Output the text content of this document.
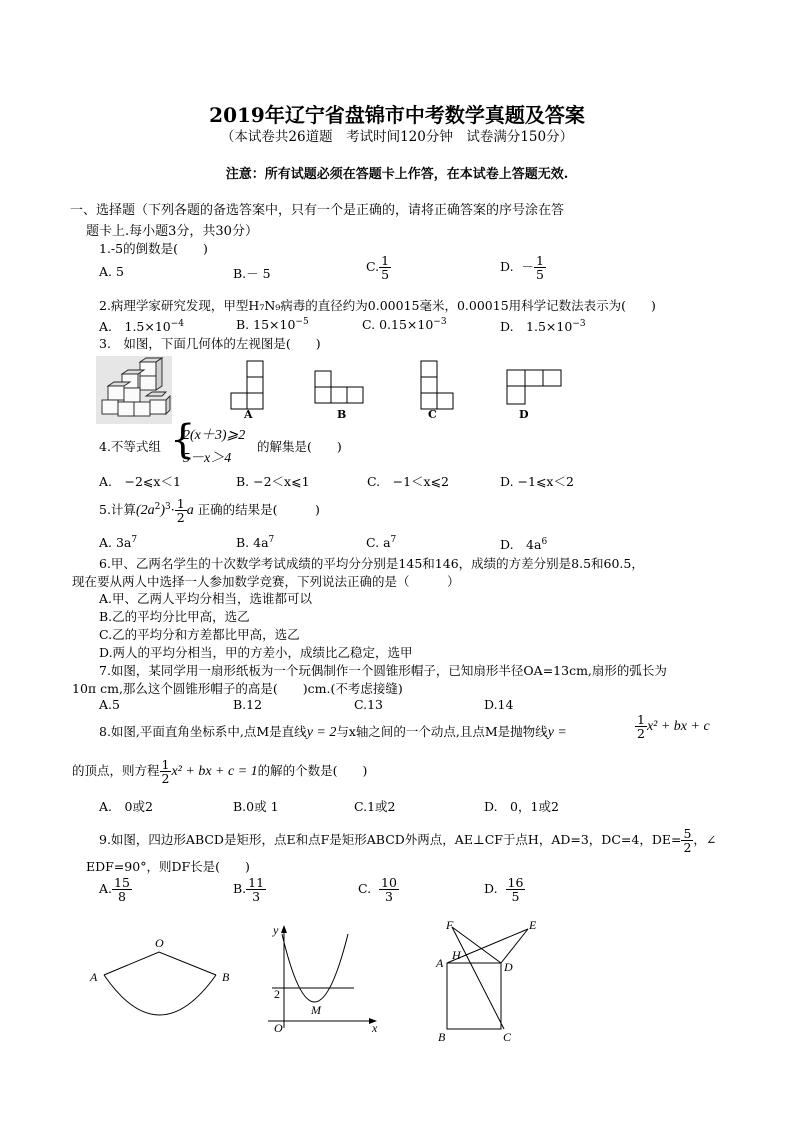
2019年辽宁省盘锦市中考数学真题及答案
（本试卷共26道题　考试时间120分钟　试卷满分150分）
注意：所有试题必须在答题卡上作答，在本试卷上答题无效.
一、选择题（下列各题的备选答案中，只有一个是正确的，请将正确答案的序号涂在答
题卡上.每小题3分，共30分）
1.-5的倒数是(　　)
A. 5	B.－ 5	C. $\frac{1}{5}$	D. － $\frac{1}{5}$
2.病理学家研究发现，甲型H₇N₉病毒的直径约为0.00015毫米，0.00015用科学记数法表示为(　　)
A.　$1.5\times 10^{-4}$	B. $15\times 10^{-5}$	C. $0.15\times 10^{-3}$	D.　$1.5\times 10^{-3}$
3.　如图，下面几何体的左视图是(　　)
A	B	C	D
4.不等式组 {
2(x＋3)⩾2
5－x＞4
的解集是(　　)
A.　−2⩽x＜1	B. −2＜x⩽1	C.　−1＜x⩽2	D. −1⩽x＜2
5.计算$(2a^2)^3\cdot \frac{1}{2}$ a 正确的结果是(　　　)
A. $3a^7$	B. $4a^7$	C. $a^7$	D.　$4a^6$
6.甲、乙两名学生的十次数学考试成绩的平均分分别是145和146，成绩的方差分别是8.5和60.5，
现在要从两人中选择一人参加数学竞赛，下列说法正确的是（　　　）
A.甲、乙两人平均分相当，选谁都可以
B.乙的平均分比甲高，选乙
C.乙的平均分和方差都比甲高，选乙
D.两人的平均分相当，甲的方差小，成绩比乙稳定，选甲
7.如图，某同学用一扇形纸板为一个玩偶制作一个圆锥形帽子，已知扇形半径OA=13cm,扇形的弧长为
10π cm,那么这个圆锥形帽子的高是(　　)cm.(不考虑接缝)
A.5	B.12	C.13	D.14
8.如图,平面直角坐标系中,点M是直线y = 2与x轴之间的一个动点,且点M是抛物线y =	$\frac{1}{2} x^2$ + bx + c
的顶点，则方程 $\frac{1}{2} x^2$ + bx + c = 1的解的个数是(　　)
A.　0或2	B.0或 1	C.1或2	D.　0，1或2
9.如图，四边形ABCD是矩形，点E和点F是矩形ABCD外两点，AE⊥CF于点H，AD=3，DC=4，$DE= \frac{5}{2}$ ，∠
EDF=90°，则DF长是(　　)
A. $\frac{15}{8}$	B. $\frac{11}{3}$	C. $\frac{10}{3}$	D. $\frac{16}{5}$
O
A	B
y
x
O
2
M
F	E
A
H
D
B	C
